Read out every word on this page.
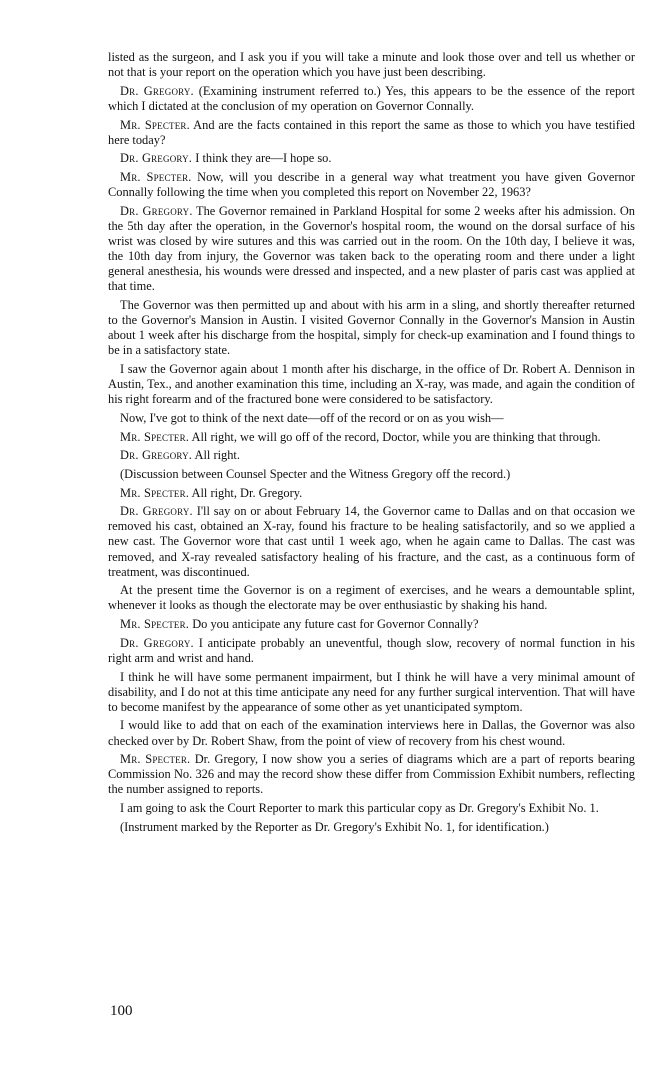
listed as the surgeon, and I ask you if you will take a minute and look those over and tell us whether or not that is your report on the operation which you have just been describing.

Dr. Gregory. (Examining instrument referred to.) Yes, this appears to be the essence of the report which I dictated at the conclusion of my operation on Governor Connally.

Mr. Specter. And are the facts contained in this report the same as those to which you have testified here today?

Dr. Gregory. I think they are—I hope so.

Mr. Specter. Now, will you describe in a general way what treatment you have given Governor Connally following the time when you completed this report on November 22, 1963?

Dr. Gregory. The Governor remained in Parkland Hospital for some 2 weeks after his admission. On the 5th day after the operation, in the Governor's hospital room, the wound on the dorsal surface of his wrist was closed by wire sutures and this was carried out in the room. On the 10th day, I believe it was, the 10th day from injury, the Governor was taken back to the operating room and there under a light general anesthesia, his wounds were dressed and inspected, and a new plaster of paris cast was applied at that time.

The Governor was then permitted up and about with his arm in a sling, and shortly thereafter returned to the Governor's Mansion in Austin. I visited Governor Connally in the Governor's Mansion in Austin about 1 week after his discharge from the hospital, simply for check-up examination and I found things to be in a satisfactory state.

I saw the Governor again about 1 month after his discharge, in the office of Dr. Robert A. Dennison in Austin, Tex., and another examination this time, including an X-ray, was made, and again the condition of his right forearm and of the fractured bone were considered to be satisfactory.

Now, I've got to think of the next date—off of the record or on as you wish—

Mr. Specter. All right, we will go off of the record, Doctor, while you are thinking that through.

Dr. Gregory. All right.

(Discussion between Counsel Specter and the Witness Gregory off the record.)

Mr. Specter. All right, Dr. Gregory.

Dr. Gregory. I'll say on or about February 14, the Governor came to Dallas and on that occasion we removed his cast, obtained an X-ray, found his fracture to be healing satisfactorily, and so we applied a new cast. The Governor wore that cast until 1 week ago, when he again came to Dallas. The cast was removed, and X-ray revealed satisfactory healing of his fracture, and the cast, as a continuous form of treatment, was discontinued.

At the present time the Governor is on a regiment of exercises, and he wears a demountable splint, whenever it looks as though the electorate may be over enthusiastic by shaking his hand.

Mr. Specter. Do you anticipate any future cast for Governor Connally?

Dr. Gregory. I anticipate probably an uneventful, though slow, recovery of normal function in his right arm and wrist and hand.

I think he will have some permanent impairment, but I think he will have a very minimal amount of disability, and I do not at this time anticipate any need for any further surgical intervention. That will have to become manifest by the appearance of some other as yet unanticipated symptom.

I would like to add that on each of the examination interviews here in Dallas, the Governor was also checked over by Dr. Robert Shaw, from the point of view of recovery from his chest wound.

Mr. Specter. Dr. Gregory, I now show you a series of diagrams which are a part of reports bearing Commission No. 326 and may the record show these differ from Commission Exhibit numbers, reflecting the number assigned to reports.

I am going to ask the Court Reporter to mark this particular copy as Dr. Gregory's Exhibit No. 1.

(Instrument marked by the Reporter as Dr. Gregory's Exhibit No. 1, for identification.)

100
